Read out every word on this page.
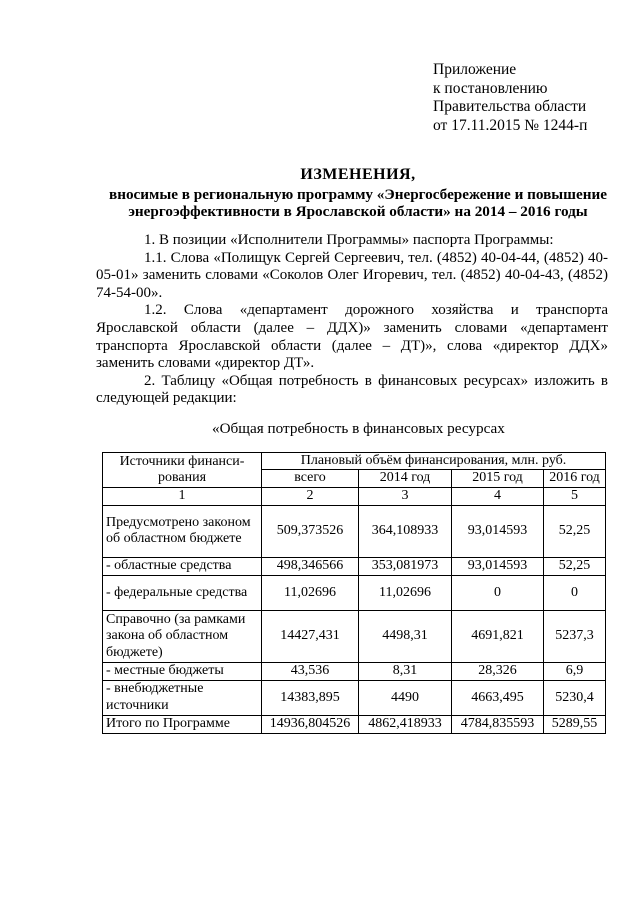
Приложение
к постановлению
Правительства области
от 17.11.2015 № 1244-п
ИЗМЕНЕНИЯ,
вносимые в региональную программу «Энергосбережение и повышение
энергоэффективности в Ярославской области» на 2014 – 2016 годы

1. В позиции «Исполнители Программы» паспорта Программы:

1.1. Слова «Полищук Сергей Сергеевич, тел. (4852) 40-04-44, (4852) 40-05-01» заменить словами «Соколов Олег Игоревич, тел. (4852) 40-04-43, (4852) 74-54-00».

1.2. Слова «департамент дорожного хозяйства и транспорта Ярославской области (далее – ДДХ)» заменить словами «департамент транспорта Ярославской области (далее – ДТ)», слова «директор ДДХ» заменить словами «директор ДТ».

2. Таблицу «Общая потребность в финансовых ресурсах» изложить в следующей редакции:

«Общая потребность в финансовых ресурсах
Источники финанси-рования	Плановый объём финансирования, млн. руб.			
	всего	2014 год	2015 год	2016 год
1	2	3	4	5
Предусмотрено законом об областном бюджете	509,373526	364,108933	93,014593	52,25
- областные средства	498,346566	353,081973	93,014593	52,25
- федеральные средства	11,02696	11,02696	0	0
Справочно (за рамками закона об областном бюджете)	14427,431	4498,31	4691,821	5237,3
- местные бюджеты	43,536	8,31	28,326	6,9
- внебюджетные источники	14383,895	4490	4663,495	5230,4
Итого по Программе	14936,804526	4862,418933	4784,835593	5289,55
